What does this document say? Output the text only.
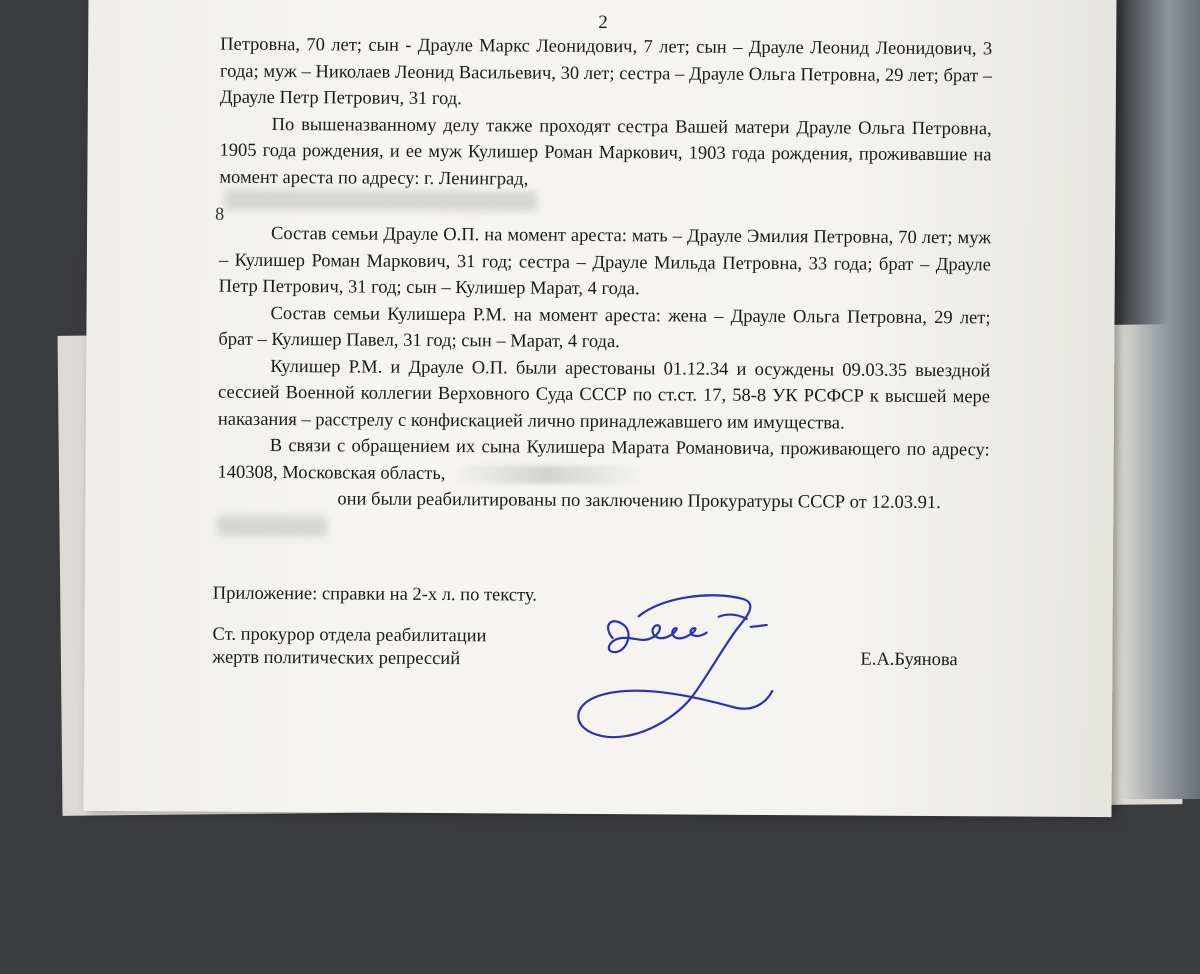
2

Петровна, 70 лет; сын - Драуле Маркс Леонидович, 7 лет; сын – Драуле Леонид Леонидович, 3 года; муж – Николаев Леонид Васильевич, 30 лет; сестра – Драуле Ольга Петровна, 29 лет; брат – Драуле Петр Петрович, 31 год.

По вышеназванному делу также проходят сестра Вашей матери Драуле Ольга Петровна, 1905 года рождения, и ее муж Кулишер Роман Маркович, 1903 года рождения, проживавшие на момент ареста по адресу: г. Ленинград,

Состав семьи Драуле О.П. на момент ареста: мать – Драуле Эмилия Петровна, 70 лет; муж – Кулишер Роман Маркович, 31 год; сестра – Драуле Мильда Петровна, 33 года; брат – Драуле Петр Петрович, 31 год; сын – Кулишер Марат, 4 года.

Состав семьи Кулишера Р.М. на момент ареста: жена – Драуле Ольга Петровна, 29 лет; брат – Кулишер Павел, 31 год; сын – Марат, 4 года.

Кулишер Р.М. и Драуле О.П. были арестованы 01.12.34 и осуждены 09.03.35 выездной сессией Военной коллегии Верховного Суда СССР по ст.ст. 17, 58-8 УК РСФСР к высшей мере наказания – расстрелу с конфискацией лично принадлежавшего им имущества.

В связи с обращением их сына Кулишера Марата Романовича, проживающего по адресу: 140308, Московская область,

они были реабилитированы по заключению Прокуратуры СССР от 12.03.91.

8
Приложение: справки на 2-х л. по тексту.
Ст. прокурор отдела реабилитации
жертв политических репрессий	Е.А.Буянова
